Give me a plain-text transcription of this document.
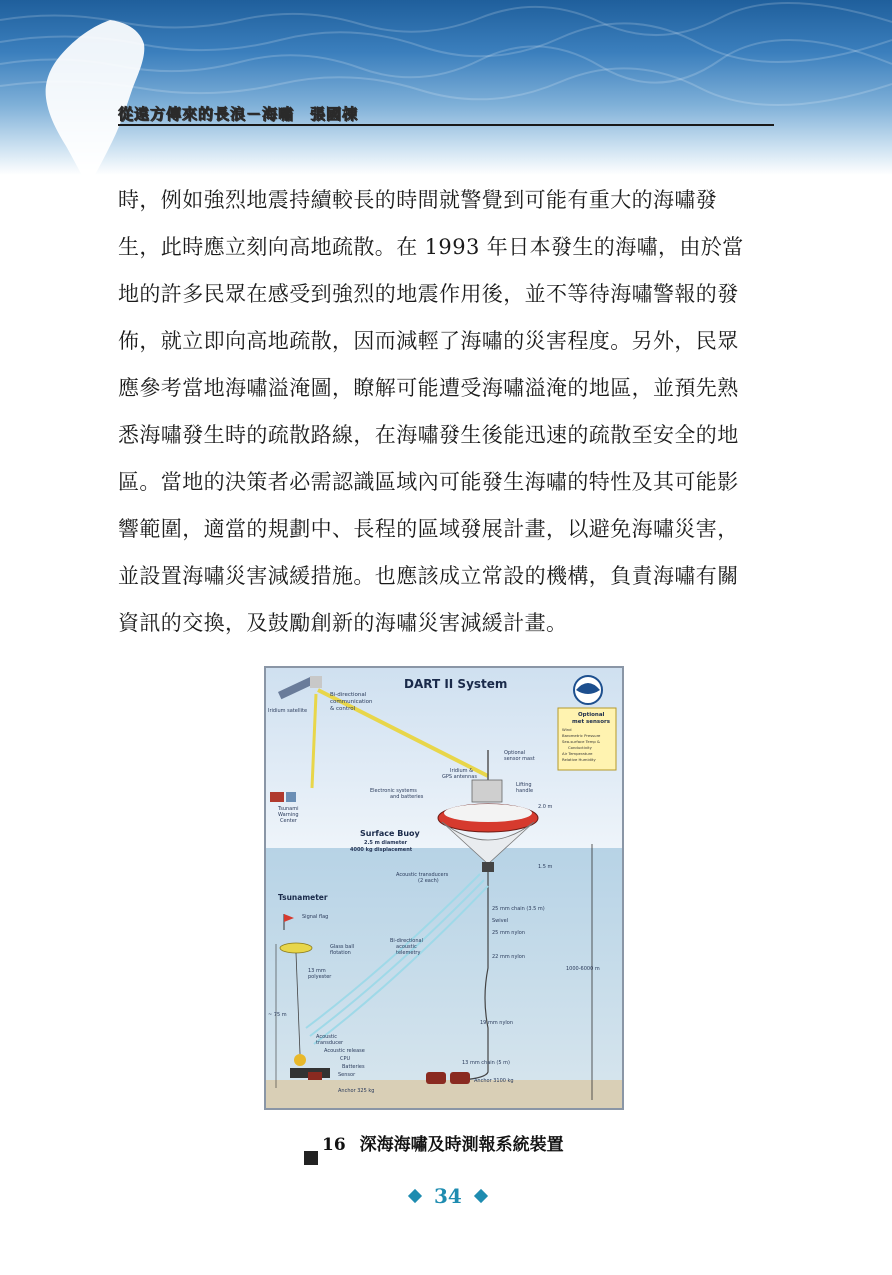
從遠方傳來的長浪－海嘯　張國棟
時，例如強烈地震持續較長的時間就警覺到可能有重大的海嘯發
生，此時應立刻向高地疏散。在 1993 年日本發生的海嘯，由於當
地的許多民眾在感受到強烈的地震作用後，並不等待海嘯警報的發
佈，就立即向高地疏散，因而減輕了海嘯的災害程度。另外，民眾
應參考當地海嘯溢淹圖，瞭解可能遭受海嘯溢淹的地區，並預先熟
悉海嘯發生時的疏散路線，在海嘯發生後能迅速的疏散至安全的地
區。當地的決策者必需認識區域內可能發生海嘯的特性及其可能影
響範圍，適當的規劃中、長程的區域發展計畫，以避免海嘯災害，
並設置海嘯災害減緩措施。也應該成立常設的機構，負責海嘯有關
資訊的交換，及鼓勵創新的海嘯災害減緩計畫。
DART II System
Iridium satellite
Bi-directional
communication
& control
Optional
met sensors
Wind
Barometric Pressure
Sea-surface Temp &
Conductivity
Air Temperature
Relative Humidity
Optional
sensor mast
Iridium &
GPS antennas
Lifting
handle
Electronic systems
and batteries
Tsunami
Warning
Center
2.0 m
Surface Buoy
2.5 m diameter
4000 kg displacement
1.5 m
Acoustic transducers
(2 each)
25 mm chain (3.5 m)
Swivel
25 mm nylon
22 mm nylon
19 mm nylon
13 mm chain (5 m)
Anchor 3100 kg
1000-6000 m
Bi-directional
acoustic
telemetry
Tsunameter
Signal flag
Glass ball
flotation
~ 75 m
13 mm
polyester
Acoustic
transducer
Acoustic release
CPU
Batteries
Sensor
Anchor 325 kg
16 深海海嘯及時測報系統裝置
34
